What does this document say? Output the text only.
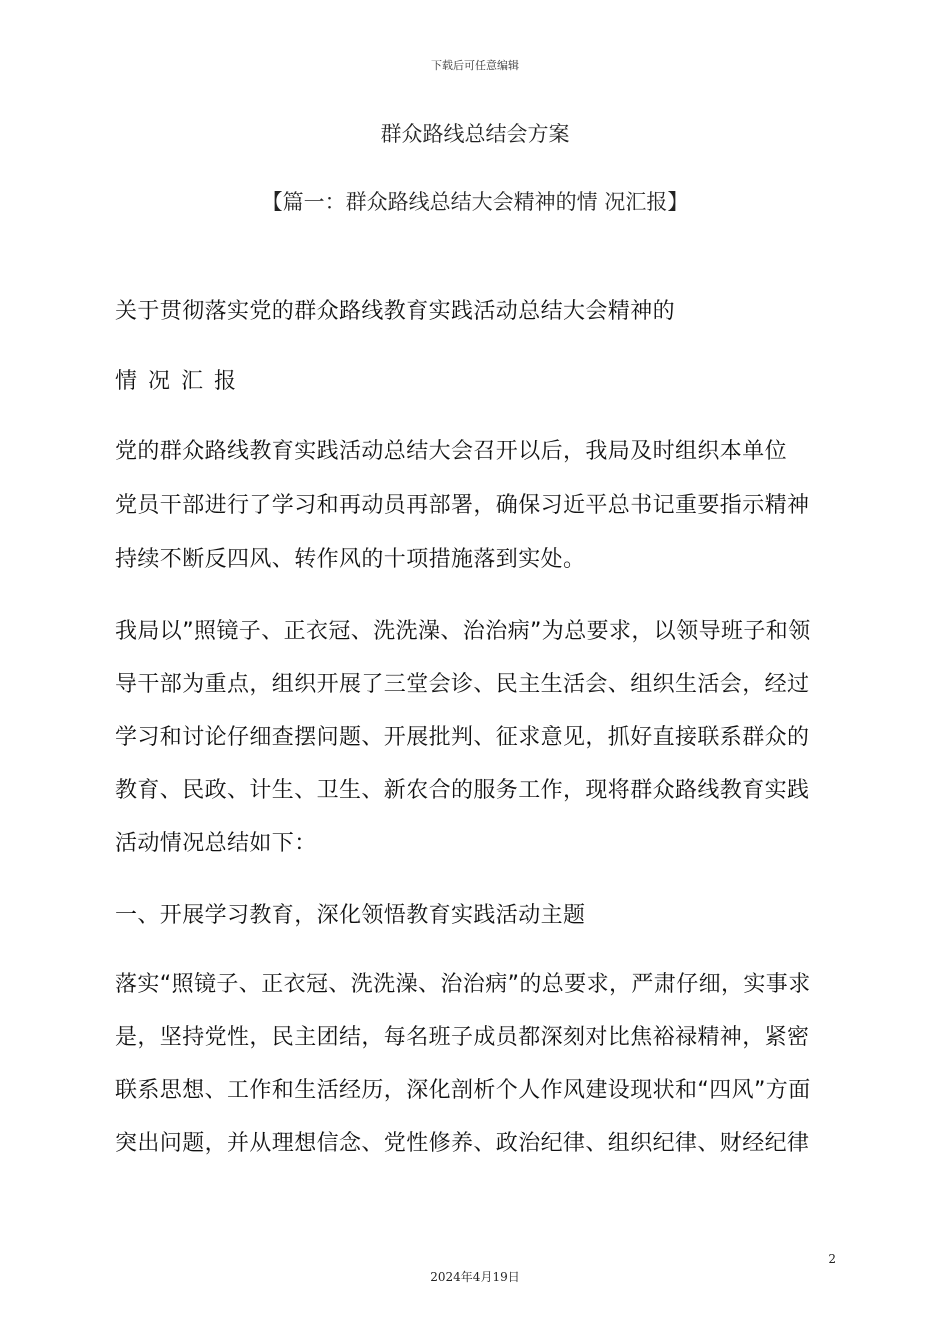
下载后可任意编辑
群众路线总结会方案
【篇一：群众路线总结大会精神的情 况汇报】
关于贯彻落实党的群众路线教育实践活动总结大会精神的
情 况 汇 报
党的群众路线教育实践活动总结大会召开以后，我局及时组织本单位
党员干部进行了学习和再动员再部署，确保习近平总书记重要指示精神
持续不断反四风、转作风的十项措施落到实处。
我局以”照镜子、正衣冠、洗洗澡、治治病”为总要求，以领导班子和领
导干部为重点，组织开展了三堂会诊、民主生活会、组织生活会，经过
学习和讨论仔细查摆问题、开展批判、征求意见，抓好直接联系群众的
教育、民政、计生、卫生、新农合的服务工作，现将群众路线教育实践
活动情况总结如下：
一、开展学习教育，深化领悟教育实践活动主题
落实“照镜子、正衣冠、洗洗澡、治治病”的总要求，严肃仔细，实事求
是，坚持党性，民主团结，每名班子成员都深刻对比焦裕禄精神，紧密
联系思想、工作和生活经历，深化剖析个人作风建设现状和“四风”方面
突出问题，并从理想信念、党性修养、政治纪律、组织纪律、财经纪律
2
2024年4月19日
